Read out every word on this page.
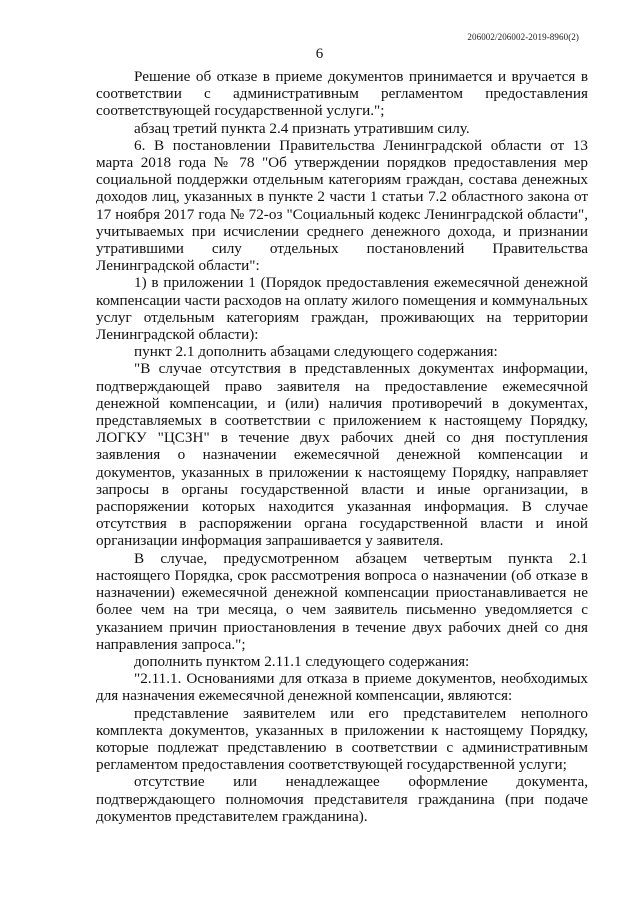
206002/206002-2019-8960(2)
6

Решение об отказе в приеме документов принимается и вручается в соответствии с административным регламентом предоставления соответствующей государственной услуги.";

абзац третий пункта 2.4 признать утратившим силу.

6. В постановлении Правительства Ленинградской области от 13 марта 2018 года № 78 "Об утверждении порядков предоставления мер социальной поддержки отдельным категориям граждан, состава денежных доходов лиц, указанных в пункте 2 части 1 статьи 7.2 областного закона от 17 ноября 2017 года № 72-оз "Социальный кодекс Ленинградской области", учитываемых при исчислении среднего денежного дохода, и признании утратившими силу отдельных постановлений Правительства Ленинградской области":

1) в приложении 1 (Порядок предоставления ежемесячной денежной компенсации части расходов на оплату жилого помещения и коммунальных услуг отдельным категориям граждан, проживающих на территории Ленинградской области):

пункт 2.1 дополнить абзацами следующего содержания:

"В случае отсутствия в представленных документах информации, подтверждающей право заявителя на предоставление ежемесячной денежной компенсации, и (или) наличия противоречий в документах, представляемых в соответствии с приложением к настоящему Порядку, ЛОГКУ "ЦСЗН" в течение двух рабочих дней со дня поступления заявления о назначении ежемесячной денежной компенсации и документов, указанных в приложении к настоящему Порядку, направляет запросы в органы государственной власти и иные организации, в распоряжении которых находится указанная информация. В случае отсутствия в распоряжении органа государственной власти и иной организации информация запрашивается у заявителя.

В случае, предусмотренном абзацем четвертым пункта 2.1 настоящего Порядка, срок рассмотрения вопроса о назначении (об отказе в назначении) ежемесячной денежной компенсации приостанавливается не более чем на три месяца, о чем заявитель письменно уведомляется с указанием причин приостановления в течение двух рабочих дней со дня направления запроса.";

дополнить пунктом 2.11.1 следующего содержания:

"2.11.1. Основаниями для отказа в приеме документов, необходимых для назначения ежемесячной денежной компенсации, являются:

представление заявителем или его представителем неполного комплекта документов, указанных в приложении к настоящему Порядку, которые подлежат представлению в соответствии с административным регламентом предоставления соответствующей государственной услуги;

отсутствие или ненадлежащее оформление документа, подтверждающего полномочия представителя гражданина (при подаче документов представителем гражданина).
